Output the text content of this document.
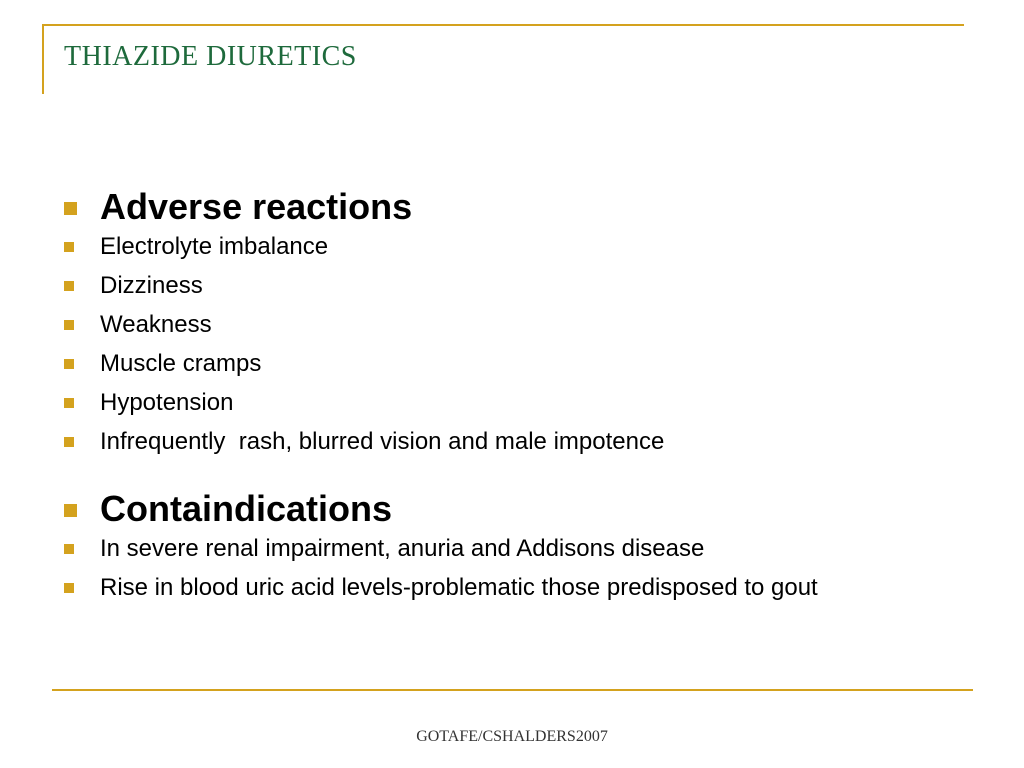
THIAZIDE DIURETICS
Adverse reactions
Electrolyte imbalance
Dizziness
Weakness
Muscle cramps
Hypotension
Infrequently  rash, blurred vision and male impotence
Containdications
In severe renal impairment, anuria and Addisons disease
Rise in blood uric acid levels-problematic those predisposed to gout
GOTAFE/CSHALDERS2007
